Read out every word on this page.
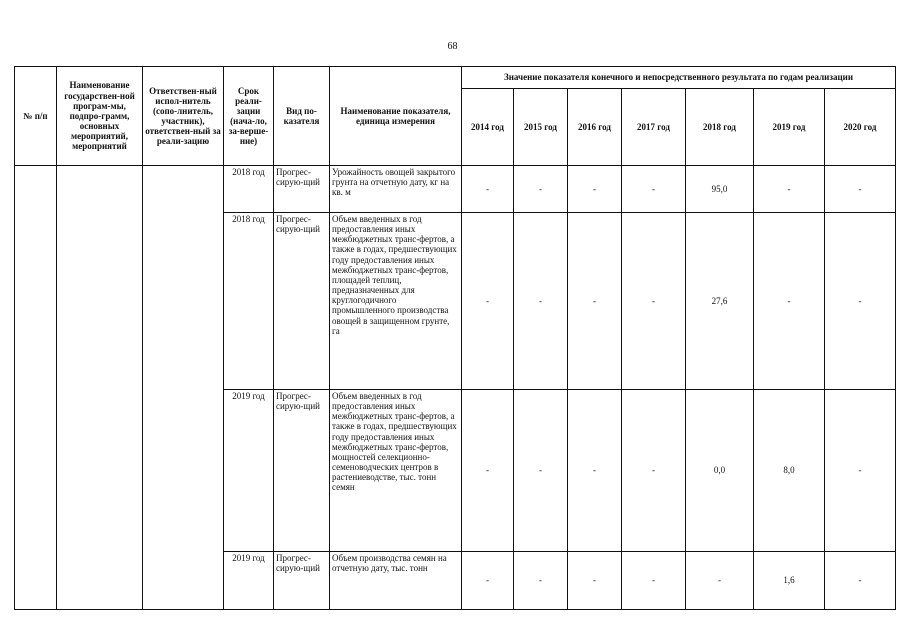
68
№ п/п	Наименование государствен-ной програм-мы, подпро-грамм, основных мероприятий, мероприятий	Ответствен-ный испол-нитель (сопо-лнитель, участник), ответствен-ный за реали-зацию	Срок реали-зации (нача-ло, за-верше-ние)	Вид по-казателя	Наименование показателя, единица измерения	Значение показателя конечного и непосредственного результата по годам реализации						
						2014 год	2015 год	2016 год	2017 год	2018 год	2019 год	2020 год
			2018 год	Прогрес-сирую-щий	Урожайность овощей закрытого грунта на отчетную дату, кг на кв. м	-	-	-	-	95,0	-	-
			2018 год	Прогрес-сирую-щий	Объем введенных в год предоставления иных межбюджетных транс-фертов, а также в годах, предшествующих году предоставления иных межбюджетных транс-фертов, площадей теплиц, предназначенных для круглогодичного промышленного производства овощей в защищенном грунте, га	-	-	-	-	27,6	-	-
			2019 год	Прогрес-сирую-щий	Объем введенных в год предоставления иных межбюджетных транс-фертов, а также в годах, предшествующих году предоставления иных межбюджетных транс-фертов, мощностей селекционно-семеноводческих центров в растениеводстве, тыс. тонн семян	-	-	-	-	0,0	8,0	-
			2019 год	Прогрес-сирую-щий	Объем производства семян на отчетную дату, тыс. тонн	-	-	-	-	-	1,6	-
